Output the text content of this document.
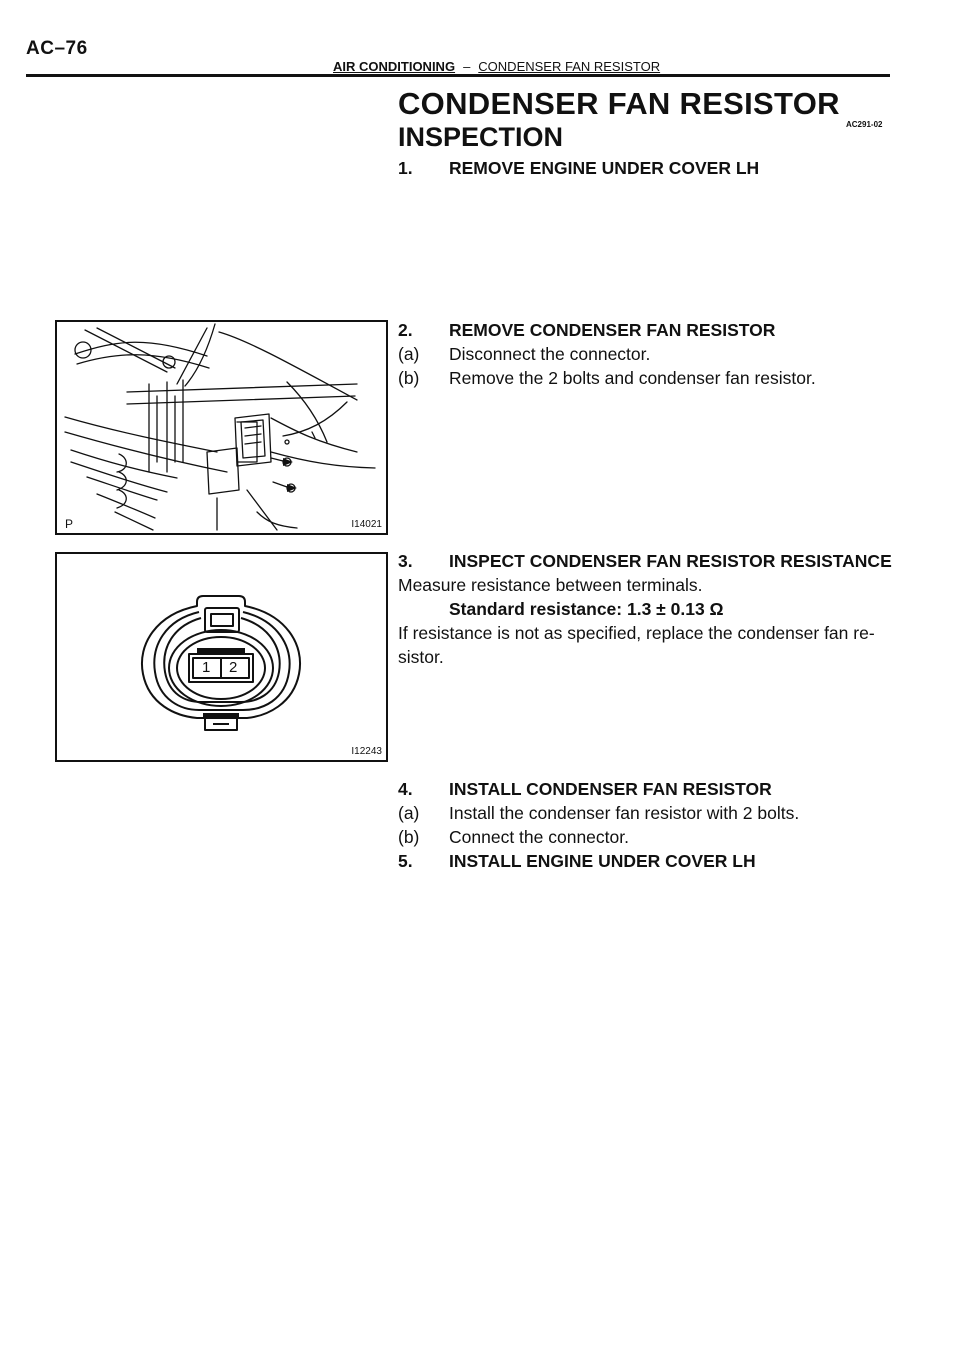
AC–76
AIR CONDITIONING – CONDENSER FAN RESISTOR
CONDENSER FAN RESISTOR
INSPECTION	AC291-02
1. REMOVE ENGINE UNDER COVER LH
2. REMOVE CONDENSER FAN RESISTOR
(a) Disconnect the connector.
(b) Remove the 2 bolts and condenser fan resistor.
3. INSPECT CONDENSER FAN RESISTOR RESISTANCE
Measure resistance between terminals.
Standard resistance: 1.3 ± 0.13 Ω
If resistance is not as specified, replace the condenser fan re-
sistor.
4. INSTALL CONDENSER FAN RESISTOR
(a) Install the condenser fan resistor with 2 bolts.
(b) Connect the connector.
5. INSTALL ENGINE UNDER COVER LH
P	I14021
1 2
I12243
